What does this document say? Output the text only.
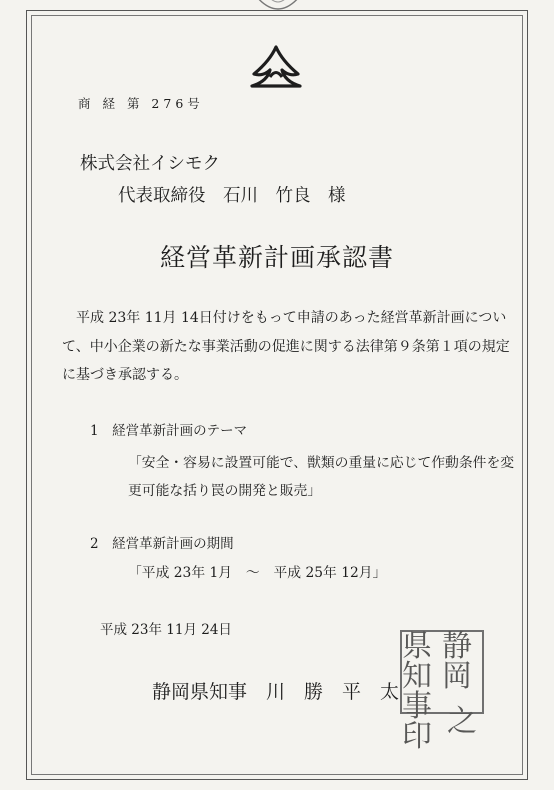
商 経 第 276号
株式会社イシモク
代表取締役　石川　竹良　様
経営革新計画承認書

平成 23年 11月 14日付けをもって申請のあった経営革新計画について、中小企業の新たな事業活動の促進に関する法律第９条第１項の規定に基づき承認する。

1　経営革新計画のテーマ
「安全・容易に設置可能で、獣類の重量に応じて作動条件を変更可能な括り罠の開発と販売」
2　経営革新計画の期間
「平成 23年 1月　～　平成 25年 12月」
平成 23年 11月 24日	県知
静岡
事印 之
静岡県知事　川　勝　平　太
